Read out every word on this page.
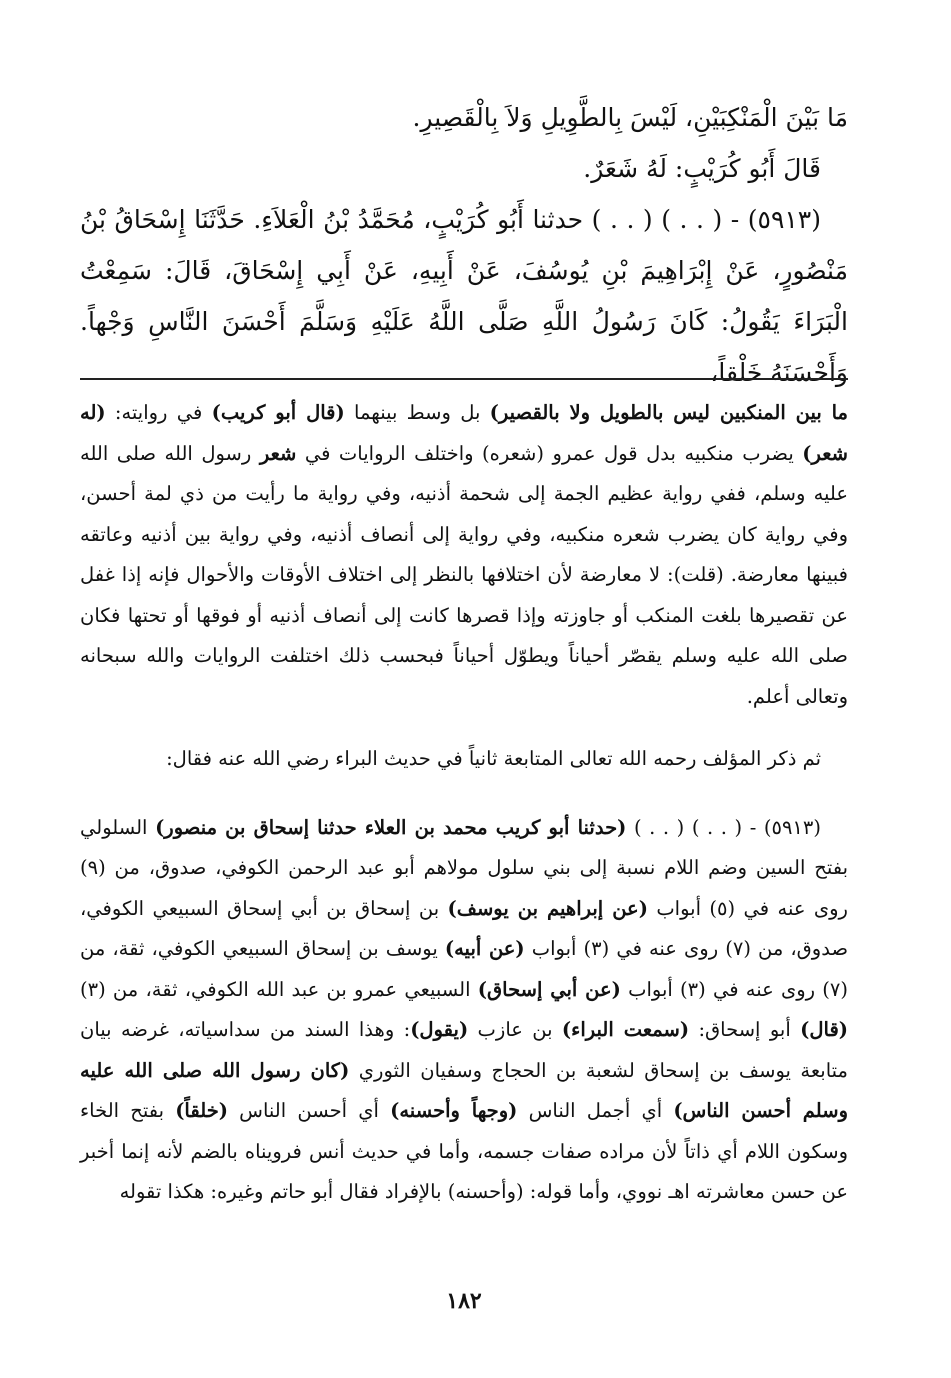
مَا بَيْنَ الْمَنْكِبَيْنِ، لَيْسَ بِالطَّوِيلِ وَلاَ بِالْقَصِيرِ.

قَالَ أَبُو كُرَيْبٍ: لَهُ شَعَرٌ.

(٥٩١٣) - ( . . ) ( . . ) حدثنا أَبُو كُرَيْبٍ، مُحَمَّدُ بْنُ الْعَلاَءِ. حَدَّثَنَا إِسْحَاقُ بْنُ مَنْصُورٍ، عَنْ إِبْرَاهِيمَ بْنِ يُوسُفَ، عَنْ أَبِيهِ، عَنْ أَبِي إِسْحَاقَ، قَالَ: سَمِعْتُ الْبَرَاءَ يَقُولُ: كَانَ رَسُولُ اللَّهِ صَلَّى اللَّهُ عَلَيْهِ وَسَلَّمَ أَحْسَنَ النَّاسِ وَجْهاً. وَأَحْسَنَهُ خَلْقاً،

ما بين المنكبين ليس بالطويل ولا بالقصير) بل وسط بينهما (قال أبو كريب) في روايته: (له شعر) يضرب منكبيه بدل قول عمرو (شعره) واختلف الروايات في شعر رسول الله صلى الله عليه وسلم، ففي رواية عظيم الجمة إلى شحمة أذنيه، وفي رواية ما رأيت من ذي لمة أحسن، وفي رواية كان يضرب شعره منكبيه، وفي رواية إلى أنصاف أذنيه، وفي رواية بين أذنيه وعاتقه فبينها معارضة. (قلت): لا معارضة لأن اختلافها بالنظر إلى اختلاف الأوقات والأحوال فإنه إذا غفل عن تقصيرها بلغت المنكب أو جاوزته وإذا قصرها كانت إلى أنصاف أذنيه أو فوقها أو تحتها فكان صلى الله عليه وسلم يقصّر أحياناً ويطوّل أحياناً فبحسب ذلك اختلفت الروايات والله سبحانه وتعالى أعلم.

ثم ذكر المؤلف رحمه الله تعالى المتابعة ثانياً في حديث البراء رضي الله عنه فقال:

(٥٩١٣) - ( . . ) ( . . ) (حدثنا أبو كريب محمد بن العلاء حدثنا إسحاق بن منصور) السلولي بفتح السين وضم اللام نسبة إلى بني سلول مولاهم أبو عبد الرحمن الكوفي، صدوق، من (٩) روى عنه في (٥) أبواب (عن إبراهيم بن يوسف) بن إسحاق بن أبي إسحاق السبيعي الكوفي، صدوق، من (٧) روى عنه في (٣) أبواب (عن أبيه) يوسف بن إسحاق السبيعي الكوفي، ثقة، من (٧) روى عنه في (٣) أبواب (عن أبي إسحاق) السبيعي عمرو بن عبد الله الكوفي، ثقة، من (٣) (قال) أبو إسحاق: (سمعت البراء) بن عازب (يقول): وهذا السند من سداسياته، غرضه بيان متابعة يوسف بن إسحاق لشعبة بن الحجاج وسفيان الثوري (كان رسول الله صلى الله عليه وسلم أحسن الناس) أي أجمل الناس (وجهاً وأحسنه) أي أحسن الناس (خلقاً) بفتح الخاء وسكون اللام أي ذاتاً لأن مراده صفات جسمه، وأما في حديث أنس فرويناه بالضم لأنه إنما أخبر عن حسن معاشرته اهـ نووي، وأما قوله: (وأحسنه) بالإفراد فقال أبو حاتم وغيره: هكذا تقوله

١٨٢
